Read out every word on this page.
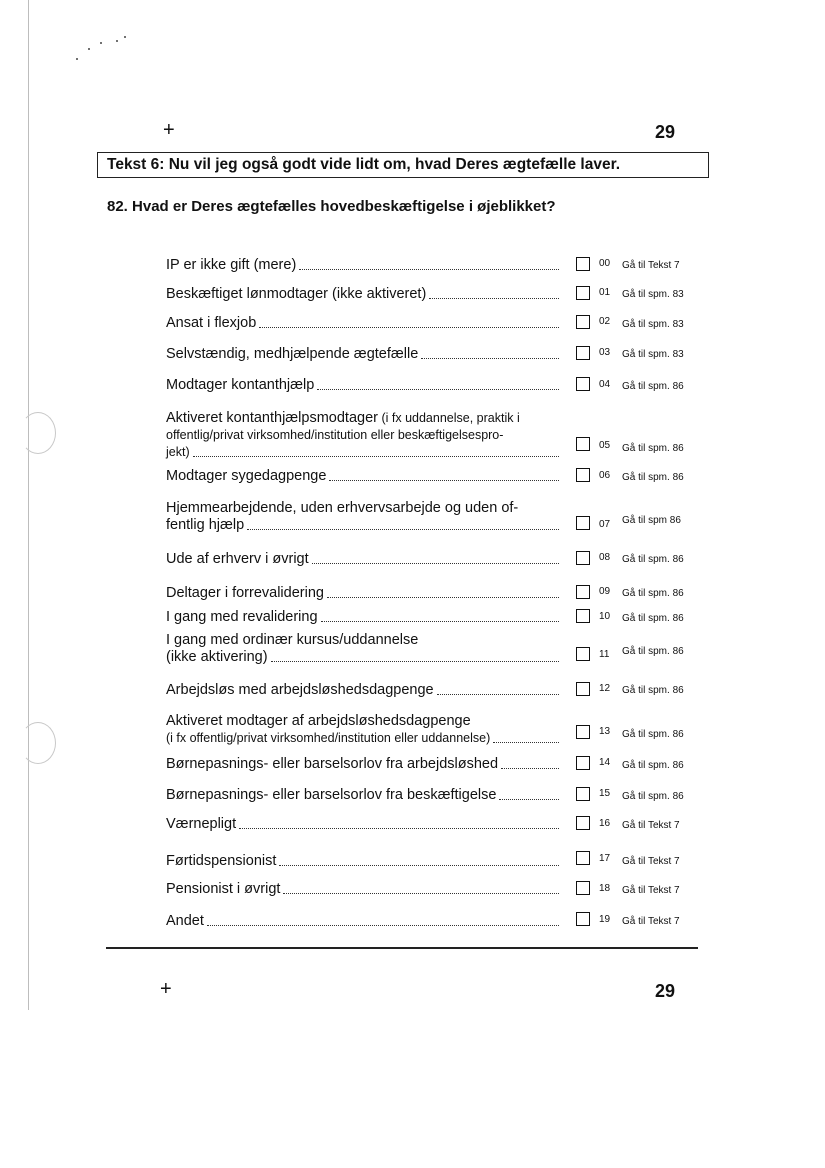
+	29
Tekst 6: Nu vil jeg også godt vide lidt om, hvad Deres ægtefælle laver.
82. Hvad er Deres ægtefælles hovedbeskæftigelse i øjeblikket?
IP er ikke gift (mere)	00 Gå til Tekst 7
Beskæftiget lønmodtager (ikke aktiveret)	01 Gå til spm. 83
Ansat i flexjob	02 Gå til spm. 83
Selvstændig, medhjælpende ægtefælle	03 Gå til spm. 83
Modtager kontanthjælp	04 Gå til spm. 86
Aktiveret kontanthjælpsmodtager (i fx uddannelse, praktik i
offentlig/privat virksomhed/institution eller beskæftigelsespro-
jekt)	05 Gå til spm. 86
Modtager sygedagpenge	06 Gå til spm. 86
Hjemmearbejdende, uden erhvervsarbejde og uden of-
fentlig hjælp	07 Gå til spm 86
Ude af erhverv i øvrigt	08 Gå til spm. 86
Deltager i forrevalidering	09 Gå til spm. 86
I gang med revalidering	10 Gå til spm. 86
I gang med ordinær kursus/uddannelse
(ikke aktivering)	11 Gå til spm. 86
Arbejdsløs med arbejdsløshedsdagpenge	12 Gå til spm. 86
Aktiveret modtager af arbejdsløshedsdagpenge
(i fx offentlig/privat virksomhed/institution eller uddannelse)	13 Gå til spm. 86
Børnepasnings- eller barselsorlov fra arbejdsløshed	14 Gå til spm. 86
Børnepasnings- eller barselsorlov fra beskæftigelse	15 Gå til spm. 86
Værnepligt	16 Gå til Tekst 7
Førtidspensionist	17 Gå til Tekst 7
Pensionist i øvrigt	18 Gå til Tekst 7
Andet	19 Gå til Tekst 7
+	29
